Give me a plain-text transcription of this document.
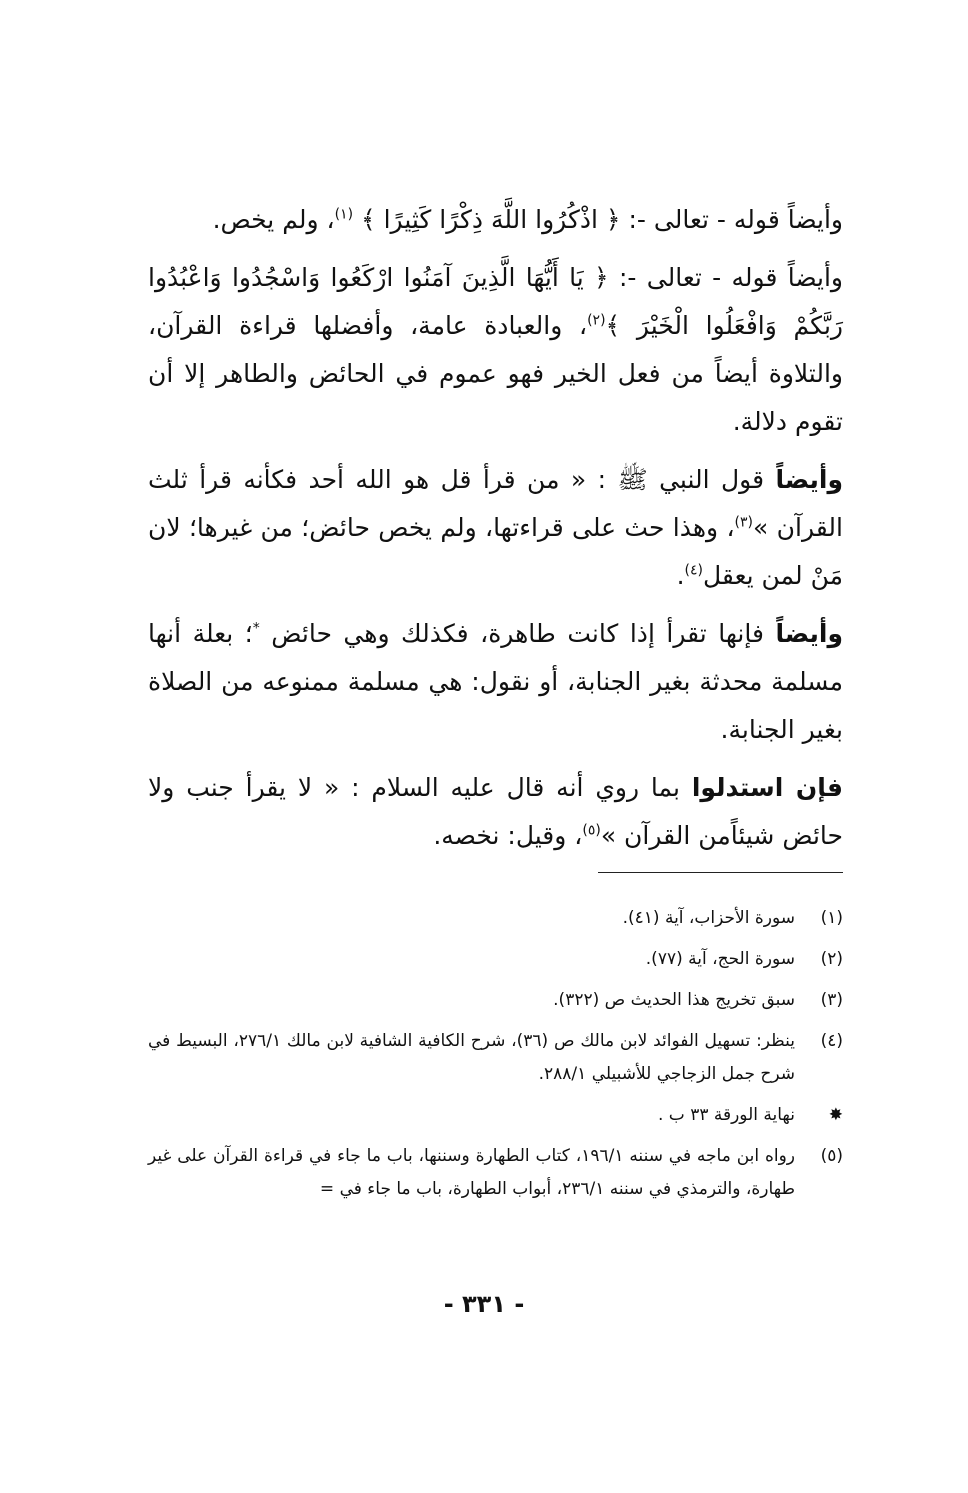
وأيضاً قوله - تعالى -: ﴿ اذْكُرُوا اللَّهَ ذِكْرًا كَثِيرًا ﴾ $^{(١)}$، ولم يخص.

وأيضاً قوله - تعالى -: ﴿ يَا أَيُّهَا الَّذِينَ آمَنُوا ارْكَعُوا وَاسْجُدُوا وَاعْبُدُوا رَبَّكُمْ وَافْعَلُوا الْخَيْرَ ﴾$^{(٢)}$، والعبادة عامة، وأفضلها قراءة القرآن، والتلاوة أيضاً من فعل الخير فهو عموم في الحائض والطاهر إلا أن تقوم دلالة.

وأيضاً قول النبي ﷺ : « من قرأ قل هو الله أحد فكأنه قرأ ثلث القرآن »$^{(٣)}$، وهذا حث على قراءتها، ولم يخص حائض؛ من غيرها؛ لان مَنْ لمن يعقل$^{(٤)}$.

وأيضاً فإنها تقرأ إذا كانت طاهرة، فكذلك وهي حائض *؛ بعلة أنها مسلمة محدثة بغير الجنابة، أو نقول: هي مسلمة ممنوعه من الصلاة بغير الجنابة.

فإن استدلوا بما روي أنه قال عليه السلام : « لا يقرأ جنب ولا حائض شيئاًمن القرآن »$^{(٥)}$، وقيل: نخصه.

(١)
سورة الأحزاب، آية (٤١).
(٢)
سورة الحج، آية (٧٧).
(٣)
سبق تخريج هذا الحديث ص (٣٢٢).
(٤)
ينظر: تسهيل الفوائد لابن مالك ص (٣٦)، شرح الكافية الشافية لابن مالك ٢٧٦/١، البسيط في شرح جمل الزجاجي للأشبيلي ٢٨٨/١.
✸
نهاية الورقة ٣٣ ب .
(٥)
رواه ابن ماجه في سننه ١٩٦/١، كتاب الطهارة وسننها، باب ما جاء في قراءة القرآن على غير طهارة، والترمذي في سننه ٢٣٦/١، أبواب الطهارة، باب ما جاء في =
- ٣٣١ -
